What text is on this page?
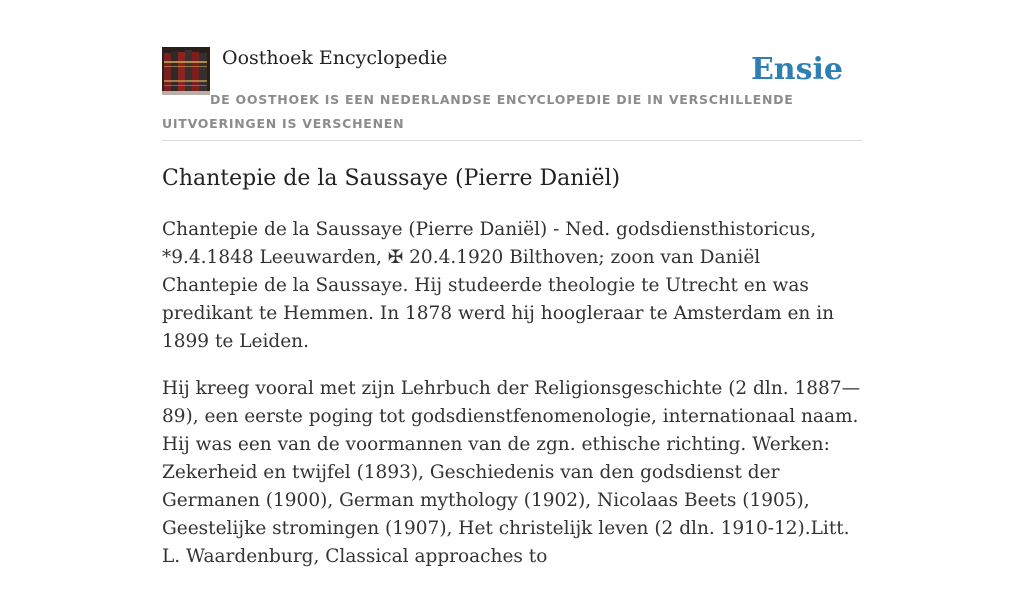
Oosthoek Encyclopedie	Ensie
DE OOSTHOEK IS EEN NEDERLANDSE ENCYCLOPEDIE DIE IN VERSCHILLENDE UITVOERINGEN IS VERSCHENEN
Chantepie de la Saussaye (Pierre Daniël)

Chantepie de la Saussaye (Pierre Daniël) - Ned. godsdiensthistoricus, *9.4.1848 Leeuwarden, ✠ 20.4.1920 Bilthoven; zoon van Daniël Chantepie de la Saussaye. Hij studeerde theologie te Utrecht en was predikant te Hemmen. In 1878 werd hij hoogleraar te Amsterdam en in 1899 te Leiden.

Hij kreeg vooral met zijn Lehrbuch der Religionsgeschichte (2 dln. 1887—89), een eerste poging tot godsdienstfenomenologie, internationaal naam. Hij was een van de voormannen van de zgn. ethische richting. Werken: Zekerheid en twijfel (1893), Geschiedenis van den godsdienst der Germanen (1900), German mythology (1902), Nicolaas Beets (1905), Geestelijke stromingen (1907), Het christelijk leven (2 dln. 1910-12).Litt. L. Waardenburg, Classical approaches to
